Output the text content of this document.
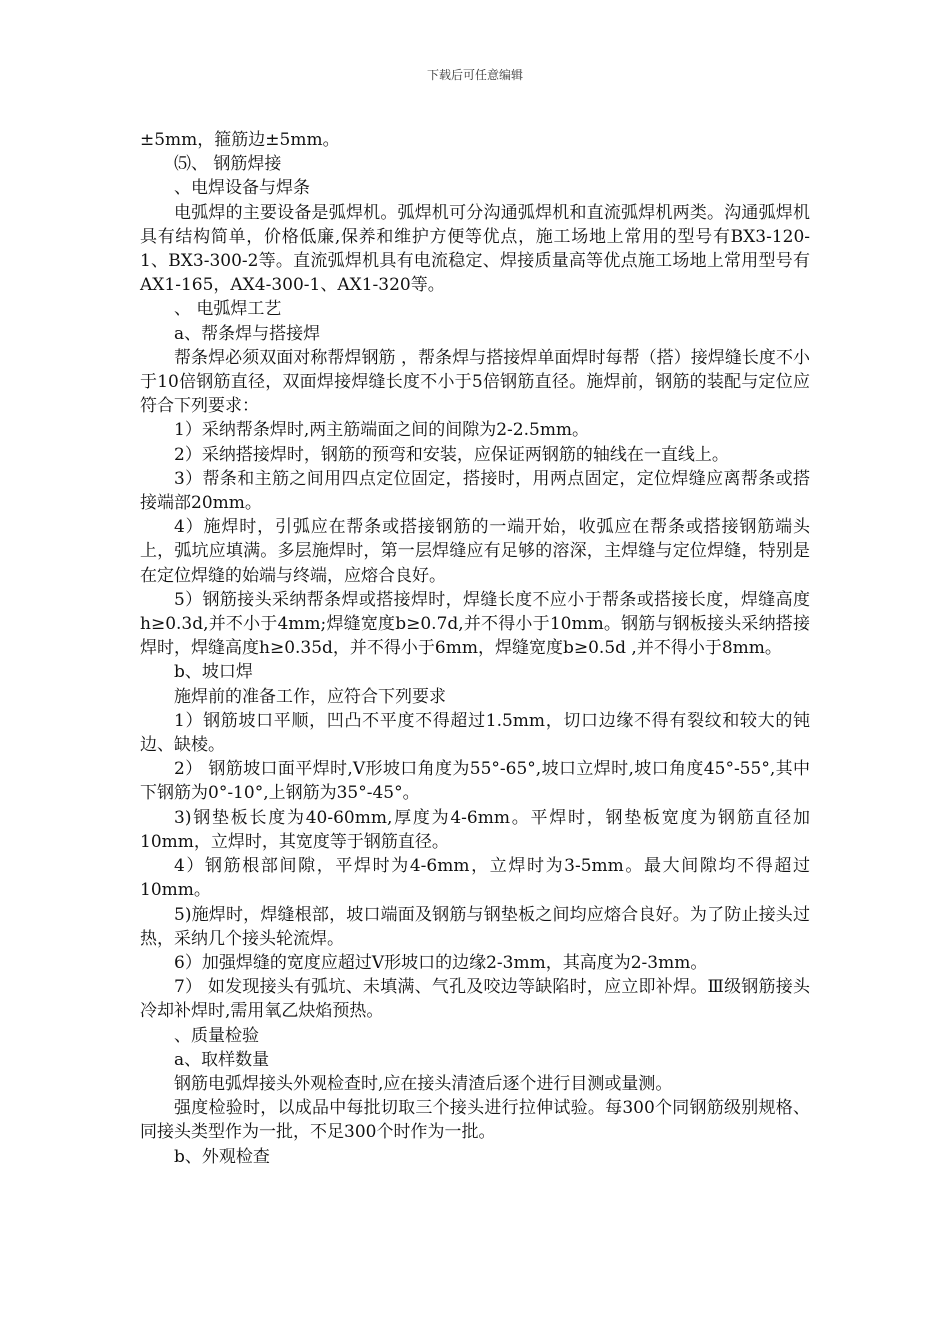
下载后可任意编辑

±5mm，箍筋边±5mm。

⑸、 钢筋焊接

、电焊设备与焊条

电弧焊的主要设备是弧焊机。弧焊机可分沟通弧焊机和直流弧焊机两类。沟通弧焊机具有结构简单，价格低廉,保养和维护方便等优点，施工场地上常用的型号有BX3-120-1、BX3-300-2等。直流弧焊机具有电流稳定、焊接质量高等优点施工场地上常用型号有AX1-165，AX4-300-1、AX1-320等。

、 电弧焊工艺

a、帮条焊与搭接焊

帮条焊必须双面对称帮焊钢筋 ，帮条焊与搭接焊单面焊时每帮（搭）接焊缝长度不小于10倍钢筋直径，双面焊接焊缝长度不小于5倍钢筋直径。施焊前，钢筋的装配与定位应符合下列要求：

1）采纳帮条焊时,两主筋端面之间的间隙为2-2.5mm。

2）采纳搭接焊时，钢筋的预弯和安装，应保证两钢筋的轴线在一直线上。

3）帮条和主筋之间用四点定位固定，搭接时，用两点固定，定位焊缝应离帮条或搭接端部20mm。

4）施焊时，引弧应在帮条或搭接钢筋的一端开始，收弧应在帮条或搭接钢筋端头上，弧坑应填满。多层施焊时，第一层焊缝应有足够的溶深，主焊缝与定位焊缝，特别是在定位焊缝的始端与终端，应熔合良好。

5）钢筋接头采纳帮条焊或搭接焊时，焊缝长度不应小于帮条或搭接长度，焊缝高度h≥0.3d,并不小于4mm;焊缝宽度b≥0.7d,并不得小于10mm。钢筋与钢板接头采纳搭接焊时，焊缝高度h≥0.35d，并不得小于6mm，焊缝宽度b≥0.5d ,并不得小于8mm。

b、坡口焊

施焊前的准备工作，应符合下列要求

1）钢筋坡口平顺，凹凸不平度不得超过1.5mm，切口边缘不得有裂纹和较大的钝边、缺棱。

2） 钢筋坡口面平焊时,V形坡口角度为55°-65°,坡口立焊时,坡口角度45°-55°,其中下钢筋为0°-10°,上钢筋为35°-45°。

3)钢垫板长度为40-60mm,厚度为4-6mm。平焊时，钢垫板宽度为钢筋直径加10mm，立焊时，其宽度等于钢筋直径。

4）钢筋根部间隙，平焊时为4-6mm，立焊时为3-5mm。最大间隙均不得超过10mm。

5)施焊时，焊缝根部，坡口端面及钢筋与钢垫板之间均应熔合良好。为了防止接头过热，采纳几个接头轮流焊。

6）加强焊缝的宽度应超过V形坡口的边缘2-3mm，其高度为2-3mm。

7） 如发现接头有弧坑、未填满、气孔及咬边等缺陷时，应立即补焊。Ⅲ级钢筋接头冷却补焊时,需用氧乙炔焰预热。

、质量检验

a、取样数量

钢筋电弧焊接头外观检查时,应在接头清渣后逐个进行目测或量测。

强度检验时，以成品中每批切取三个接头进行拉伸试验。每300个同钢筋级别规格、同接头类型作为一批，不足300个时作为一批。

b、外观检查
